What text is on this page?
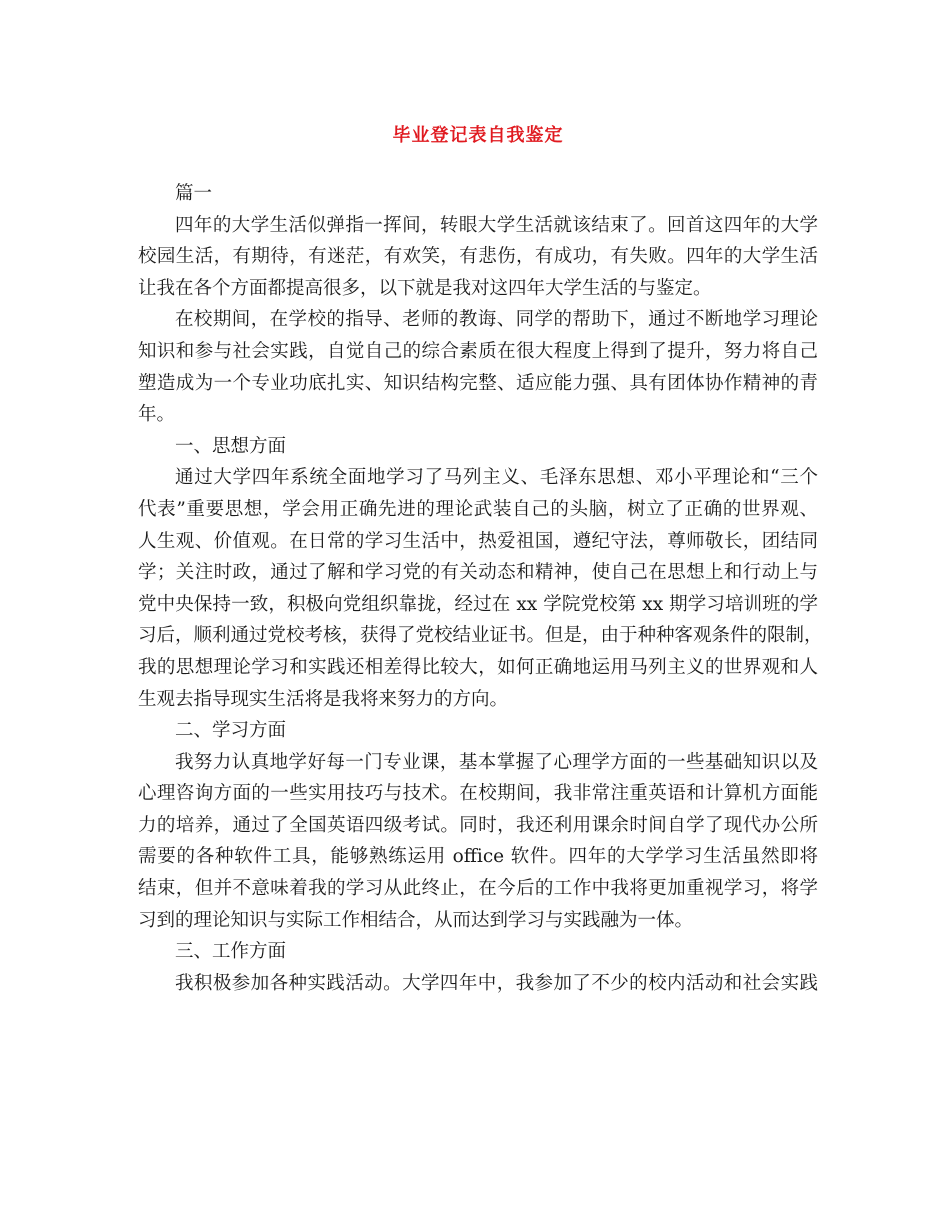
毕业登记表自我鉴定

篇一

四年的大学生活似弹指一挥间，转眼大学生活就该结束了。回首这四年的大学

校园生活，有期待，有迷茫，有欢笑，有悲伤，有成功，有失败。四年的大学生活

让我在各个方面都提高很多，以下就是我对这四年大学生活的与鉴定。

在校期间，在学校的指导、老师的教诲、同学的帮助下，通过不断地学习理论

知识和参与社会实践，自觉自己的综合素质在很大程度上得到了提升，努力将自己

塑造成为一个专业功底扎实、知识结构完整、适应能力强、具有团体协作精神的青

年。

一、思想方面

通过大学四年系统全面地学习了马列主义、毛泽东思想、邓小平理论和“三个

代表”重要思想，学会用正确先进的理论武装自己的头脑，树立了正确的世界观、

人生观、价值观。在日常的学习生活中，热爱祖国，遵纪守法，尊师敬长，团结同

学；关注时政，通过了解和学习党的有关动态和精神，使自己在思想上和行动上与

党中央保持一致，积极向党组织靠拢，经过在 xx 学院党校第 xx 期学习培训班的学

习后，顺利通过党校考核，获得了党校结业证书。但是，由于种种客观条件的限制，

我的思想理论学习和实践还相差得比较大，如何正确地运用马列主义的世界观和人

生观去指导现实生活将是我将来努力的方向。

二、学习方面

我努力认真地学好每一门专业课，基本掌握了心理学方面的一些基础知识以及

心理咨询方面的一些实用技巧与技术。在校期间，我非常注重英语和计算机方面能

力的培养，通过了全国英语四级考试。同时，我还利用课余时间自学了现代办公所

需要的各种软件工具，能够熟练运用 office 软件。四年的大学学习生活虽然即将

结束，但并不意味着我的学习从此终止，在今后的工作中我将更加重视学习，将学

习到的理论知识与实际工作相结合，从而达到学习与实践融为一体。

三、工作方面

我积极参加各种实践活动。大学四年中，我参加了不少的校内活动和社会实践
